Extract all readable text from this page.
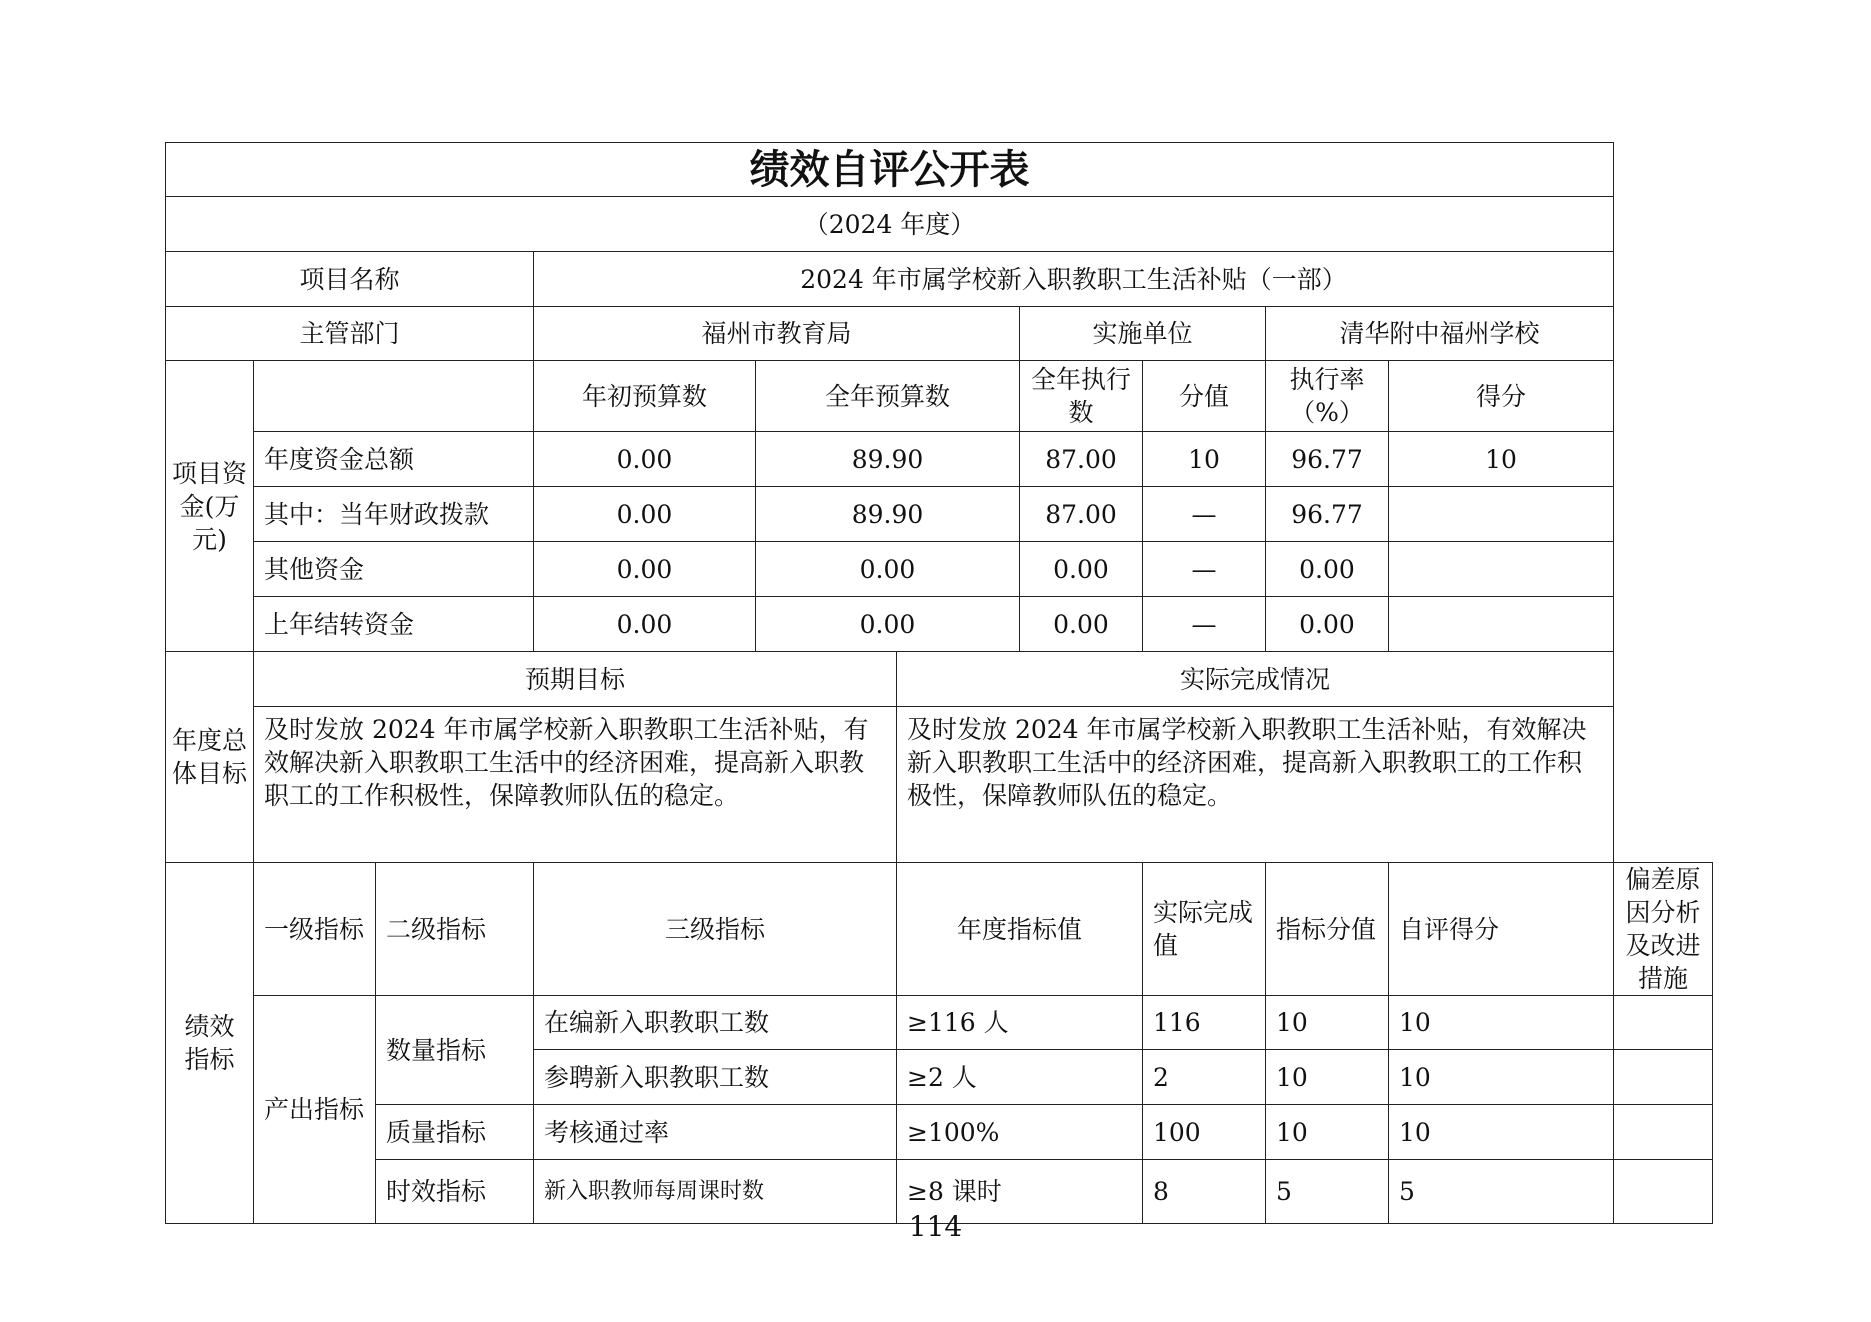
绩效自评公开表										
（2024 年度）										
项目名称			2024 年市属学校新入职教职工生活补贴（一部）							
主管部门			福州市教育局			实施单位		清华附中福州学校		
项目资金(万元)			年初预算数	全年预算数		全年执行数	分值	执行率（%）	得分	
	年度资金总额		0.00	89.90		87.00	10	96.77	10	
	其中：当年财政拨款		0.00	89.90		87.00	—	96.77		
	其他资金		0.00	0.00		0.00	—	0.00		
	上年结转资金		0.00	0.00		0.00	—	0.00		
年度总体目标	预期目标				实际完成情况					
	及时发放 2024 年市属学校新入职教职工生活补贴，有效解决新入职教职工生活中的经济困难，提高新入职教职工的工作积极性，保障教师队伍的稳定。				及时发放 2024 年市属学校新入职教职工生活补贴，有效解决新入职教职工生活中的经济困难，提高新入职教职工的工作积极性，保障教师队伍的稳定。					
绩效指标	一级指标	二级指标	三级指标		年度指标值		实际完成值	指标分值	自评得分	偏差原因分析及改进措施
	产出指标	数量指标	在编新入职教职工数		≥116 人		116	10	10	
			参聘新入职教职工数		≥2 人		2	10	10	
		质量指标	考核通过率		≥100%		100	10	10	
		时效指标	新入职教师每周课时数		≥8 课时		8	5	5	
114
